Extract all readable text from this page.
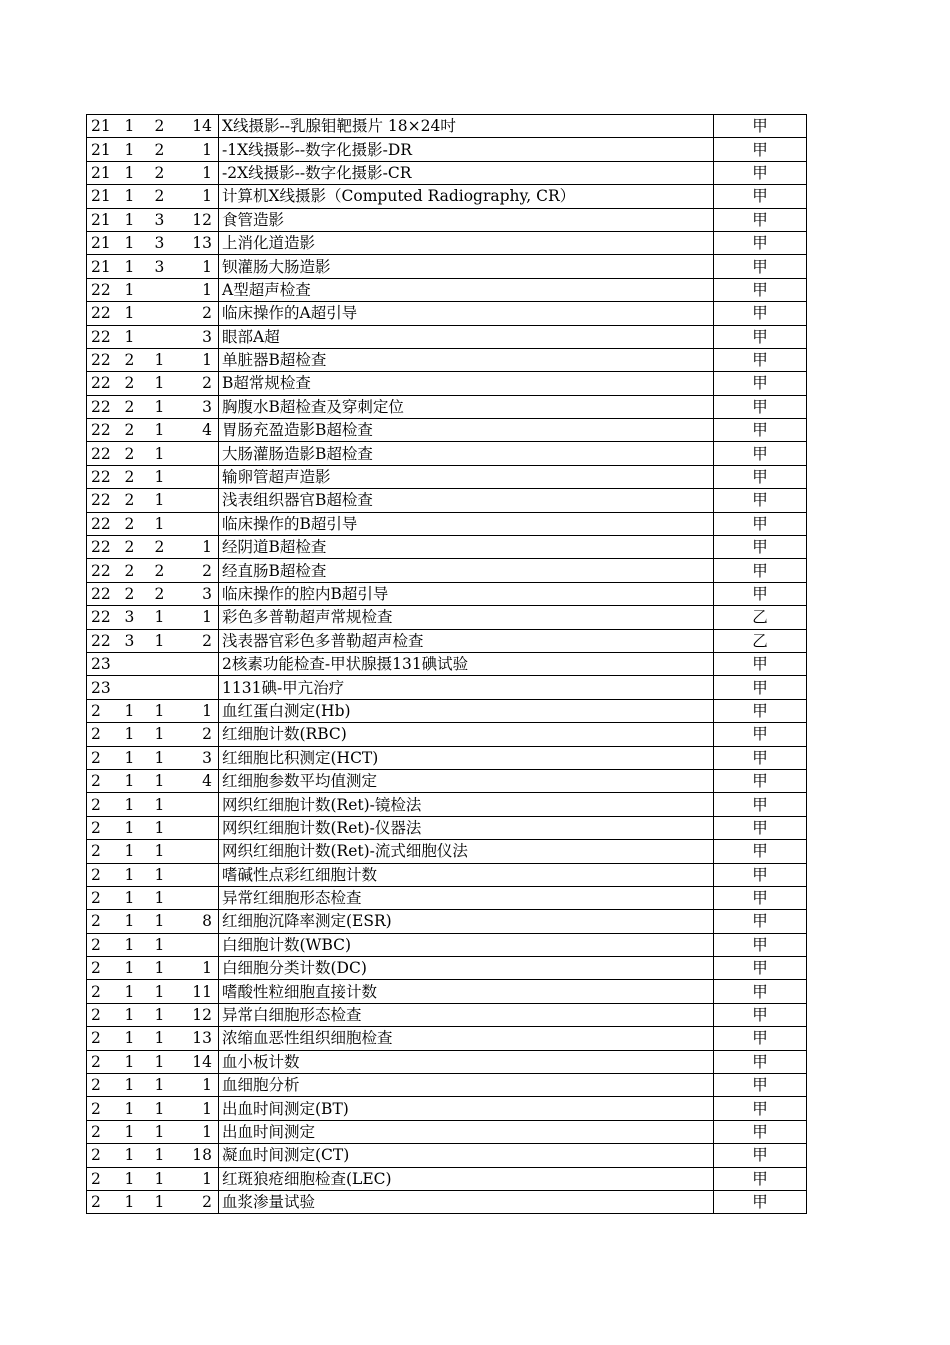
21	1	2	14	X线摄影--乳腺钼靶摄片 18×24吋	甲
21	1	2	1	-1X线摄影--数字化摄影-DR	甲
21	1	2	1	-2X线摄影--数字化摄影-CR	甲
21	1	2	1	计算机X线摄影（Computed Radiography, CR）	甲
21	1	3	12	食管造影	甲
21	1	3	13	上消化道造影	甲
21	1	3	1	钡灌肠大肠造影	甲
22	1		1	A型超声检查	甲
22	1		2	临床操作的A超引导	甲
22	1		3	眼部A超	甲
22	2	1	1	单脏器B超检查	甲
22	2	1	2	B超常规检查	甲
22	2	1	3	胸腹水B超检查及穿刺定位	甲
22	2	1	4	胃肠充盈造影B超检查	甲
22	2	1		大肠灌肠造影B超检查	甲
22	2	1		输卵管超声造影	甲
22	2	1		浅表组织器官B超检查	甲
22	2	1		临床操作的B超引导	甲
22	2	2	1	经阴道B超检查	甲
22	2	2	2	经直肠B超检查	甲
22	2	2	3	临床操作的腔内B超引导	甲
22	3	1	1	彩色多普勒超声常规检查	乙
22	3	1	2	浅表器官彩色多普勒超声检查	乙
23				2核素功能检查-甲状腺摄131碘试验	甲
23				1131碘-甲亢治疗	甲
2	1	1	1	血红蛋白测定(Hb)	甲
2	1	1	2	红细胞计数(RBC)	甲
2	1	1	3	红细胞比积测定(HCT)	甲
2	1	1	4	红细胞参数平均值测定	甲
2	1	1		网织红细胞计数(Ret)-镜检法	甲
2	1	1		网织红细胞计数(Ret)-仪器法	甲
2	1	1		网织红细胞计数(Ret)-流式细胞仪法	甲
2	1	1		嗜碱性点彩红细胞计数	甲
2	1	1		异常红细胞形态检查	甲
2	1	1	8	红细胞沉降率测定(ESR)	甲
2	1	1		白细胞计数(WBC)	甲
2	1	1	1	白细胞分类计数(DC)	甲
2	1	1	11	嗜酸性粒细胞直接计数	甲
2	1	1	12	异常白细胞形态检查	甲
2	1	1	13	浓缩血恶性组织细胞检查	甲
2	1	1	14	血小板计数	甲
2	1	1	1	血细胞分析	甲
2	1	1	1	出血时间测定(BT)	甲
2	1	1	1	出血时间测定	甲
2	1	1	18	凝血时间测定(CT)	甲
2	1	1	1	红斑狼疮细胞检查(LEC)	甲
2	1	1	2	血浆渗量试验	甲
